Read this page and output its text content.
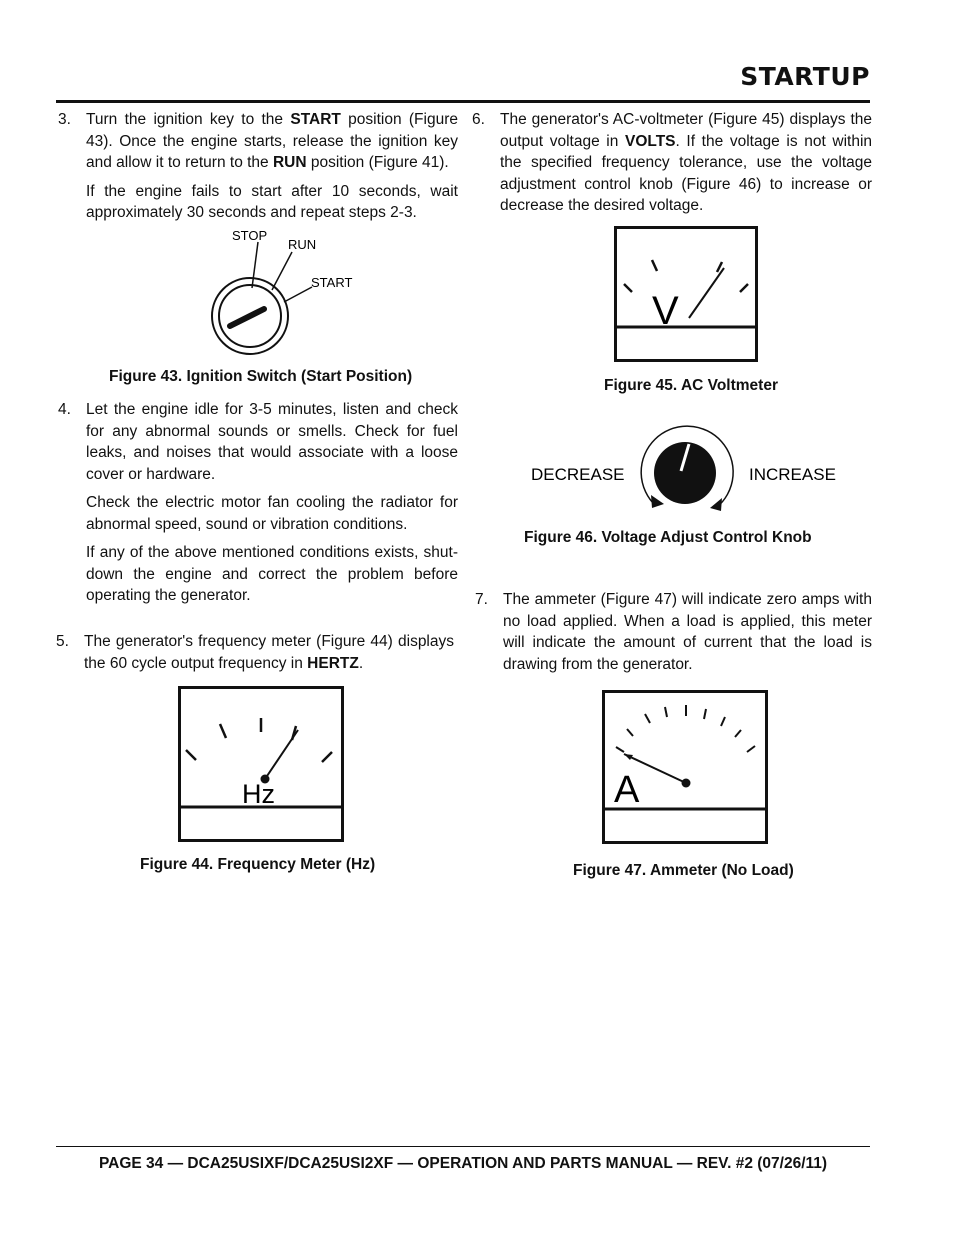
STARTUP
3. Turn the ignition key to the START position (Figure 43). Once the engine starts, release the ignition key and allow it to return to the RUN position (Figure 41).
If the engine fails to start after 10 seconds, wait approximately 30 seconds and repeat steps 2-3.
STOP
RUN
START
Figure 43. Ignition Switch (Start Position)
4. Let the engine idle for 3-5 minutes, listen and check for any abnormal sounds or smells. Check for fuel leaks, and noises that would associate with a loose cover or hardware.
Check the electric motor fan cooling the radiator for abnormal speed, sound or vibration conditions.
If any of the above mentioned conditions exists, shut-down the engine and correct the problem before operating the generator.
5. The generator's frequency meter (Figure 44) displays the 60 cycle output frequency in HERTZ.
Hz
Figure 44. Frequency Meter (Hz)
6. The generator's AC-voltmeter (Figure 45) displays the output voltage in VOLTS. If the voltage is not within the specified frequency tolerance, use the voltage adjustment control knob (Figure 46) to increase or decrease the desired voltage.
V
Figure 45. AC Voltmeter
DECREASE	INCREASE
Figure 46. Voltage Adjust Control Knob
7. The ammeter (Figure 47) will indicate zero amps with no load applied. When a load is applied, this meter will indicate the amount of current that the load is drawing from the generator.
A
Figure 47. Ammeter (No Load)
PAGE 34 — DCA25USIXF/DCA25USI2XF — OPERATION AND PARTS MANUAL — REV. #2 (07/26/11)
